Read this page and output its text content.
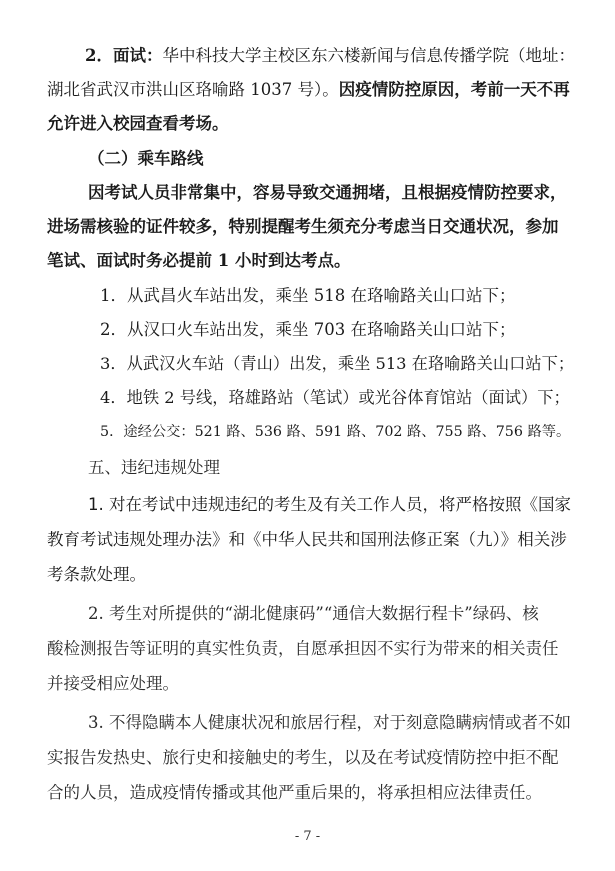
2．面试：华中科技大学主校区东六楼新闻与信息传播学院（地址：
湖北省武汉市洪山区珞喻路 1037 号）。因疫情防控原因，考前一天不再
允许进入校园查看考场。
（二）乘车路线
因考试人员非常集中，容易导致交通拥堵，且根据疫情防控要求，
进场需核验的证件较多，特别提醒考生须充分考虑当日交通状况，参加
笔试、面试时务必提前 1 小时到达考点。
1．从武昌火车站出发，乘坐 518 在珞喻路关山口站下；
2．从汉口火车站出发，乘坐 703 在珞喻路关山口站下；
3．从武汉火车站（青山）出发，乘坐 513 在珞喻路关山口站下；
4．地铁 2 号线，珞雄路站（笔试）或光谷体育馆站（面试）下；
5．途经公交：521 路、536 路、591 路、702 路、755 路、756 路等。
五、违纪违规处理
1. 对在考试中违规违纪的考生及有关工作人员，将严格按照《国家
教育考试违规处理办法》和《中华人民共和国刑法修正案（九）》相关涉
考条款处理。
2. 考生对所提供的“湖北健康码”“通信大数据行程卡”绿码、核
酸检测报告等证明的真实性负责，自愿承担因不实行为带来的相关责任
并接受相应处理。
3. 不得隐瞒本人健康状况和旅居行程，对于刻意隐瞒病情或者不如
实报告发热史、旅行史和接触史的考生，以及在考试疫情防控中拒不配
合的人员，造成疫情传播或其他严重后果的，将承担相应法律责任。
- 7 -
